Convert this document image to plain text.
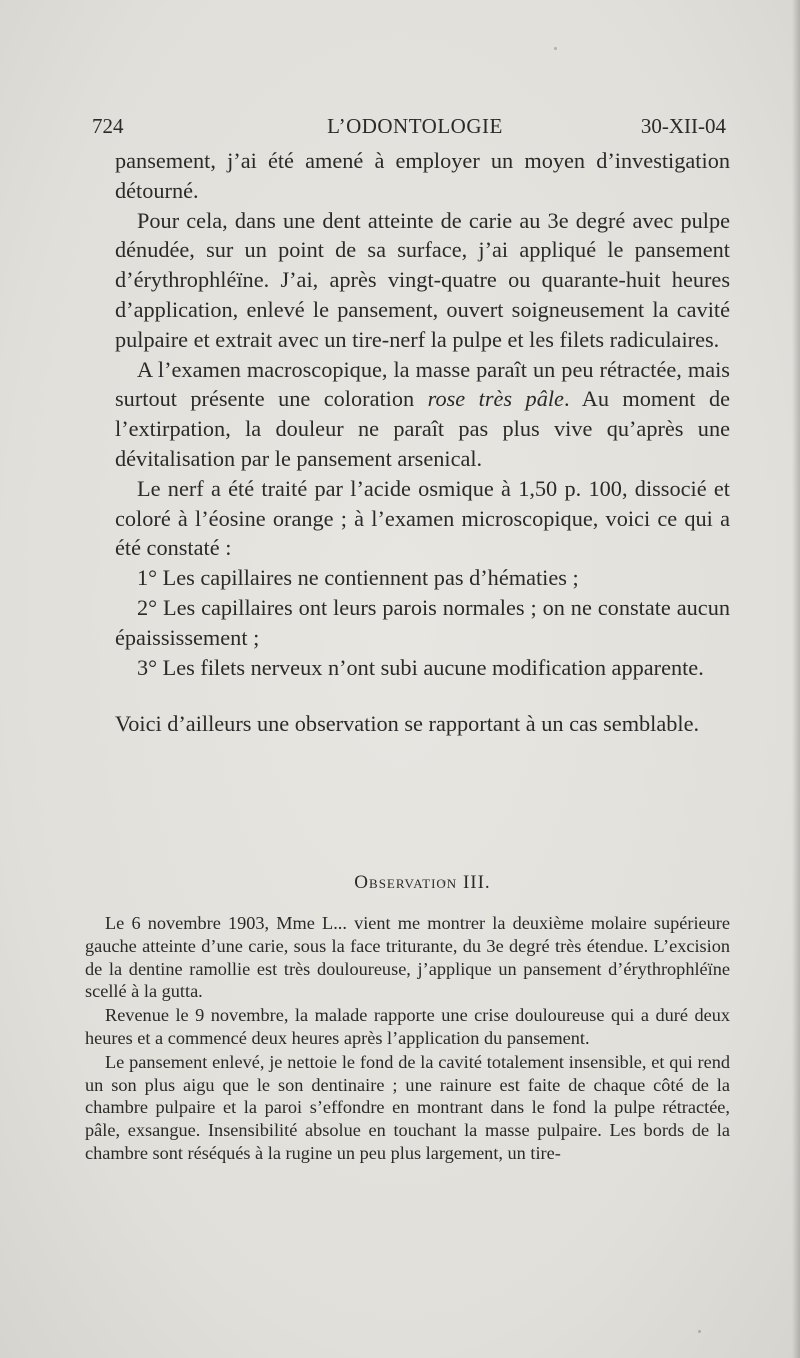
724	L’ODONTOLOGIE	30-XII-04

pansement, j’ai été amené à employer un moyen d’investigation détourné.

Pour cela, dans une dent atteinte de carie au 3e degré avec pulpe dénudée, sur un point de sa surface, j’ai appliqué le pansement d’érythrophléïne. J’ai, après vingt-quatre ou quarante-huit heures d’application, enlevé le pansement, ouvert soigneusement la cavité pulpaire et extrait avec un tire-nerf la pulpe et les filets radiculaires.

A l’examen macroscopique, la masse paraît un peu rétractée, mais surtout présente une coloration rose très pâle. Au moment de l’extirpation, la douleur ne paraît pas plus vive qu’après une dévitalisation par le pansement arsenical.

Le nerf a été traité par l’acide osmique à 1,50 p. 100, dissocié et coloré à l’éosine orange ; à l’examen microscopique, voici ce qui a été constaté :

1° Les capillaires ne contiennent pas d’hématies ;

2° Les capillaires ont leurs parois normales ; on ne constate aucun épaississement ;

3° Les filets nerveux n’ont subi aucune modification apparente.

Voici d’ailleurs une observation se rapportant à un cas semblable.

Observation III.

Le 6 novembre 1903, Mme L... vient me montrer la deuxième molaire supérieure gauche atteinte d’une carie, sous la face triturante, du 3e degré très étendue. L’excision de la dentine ramollie est très douloureuse, j’applique un pansement d’érythrophléïne scellé à la gutta.

Revenue le 9 novembre, la malade rapporte une crise douloureuse qui a duré deux heures et a commencé deux heures après l’application du pansement.

Le pansement enlevé, je nettoie le fond de la cavité totalement insensible, et qui rend un son plus aigu que le son dentinaire ; une rainure est faite de chaque côté de la chambre pulpaire et la paroi s’effondre en montrant dans le fond la pulpe rétractée, pâle, exsangue. Insensibilité absolue en touchant la masse pulpaire. Les bords de la chambre sont réséqués à la rugine un peu plus largement, un tire-
